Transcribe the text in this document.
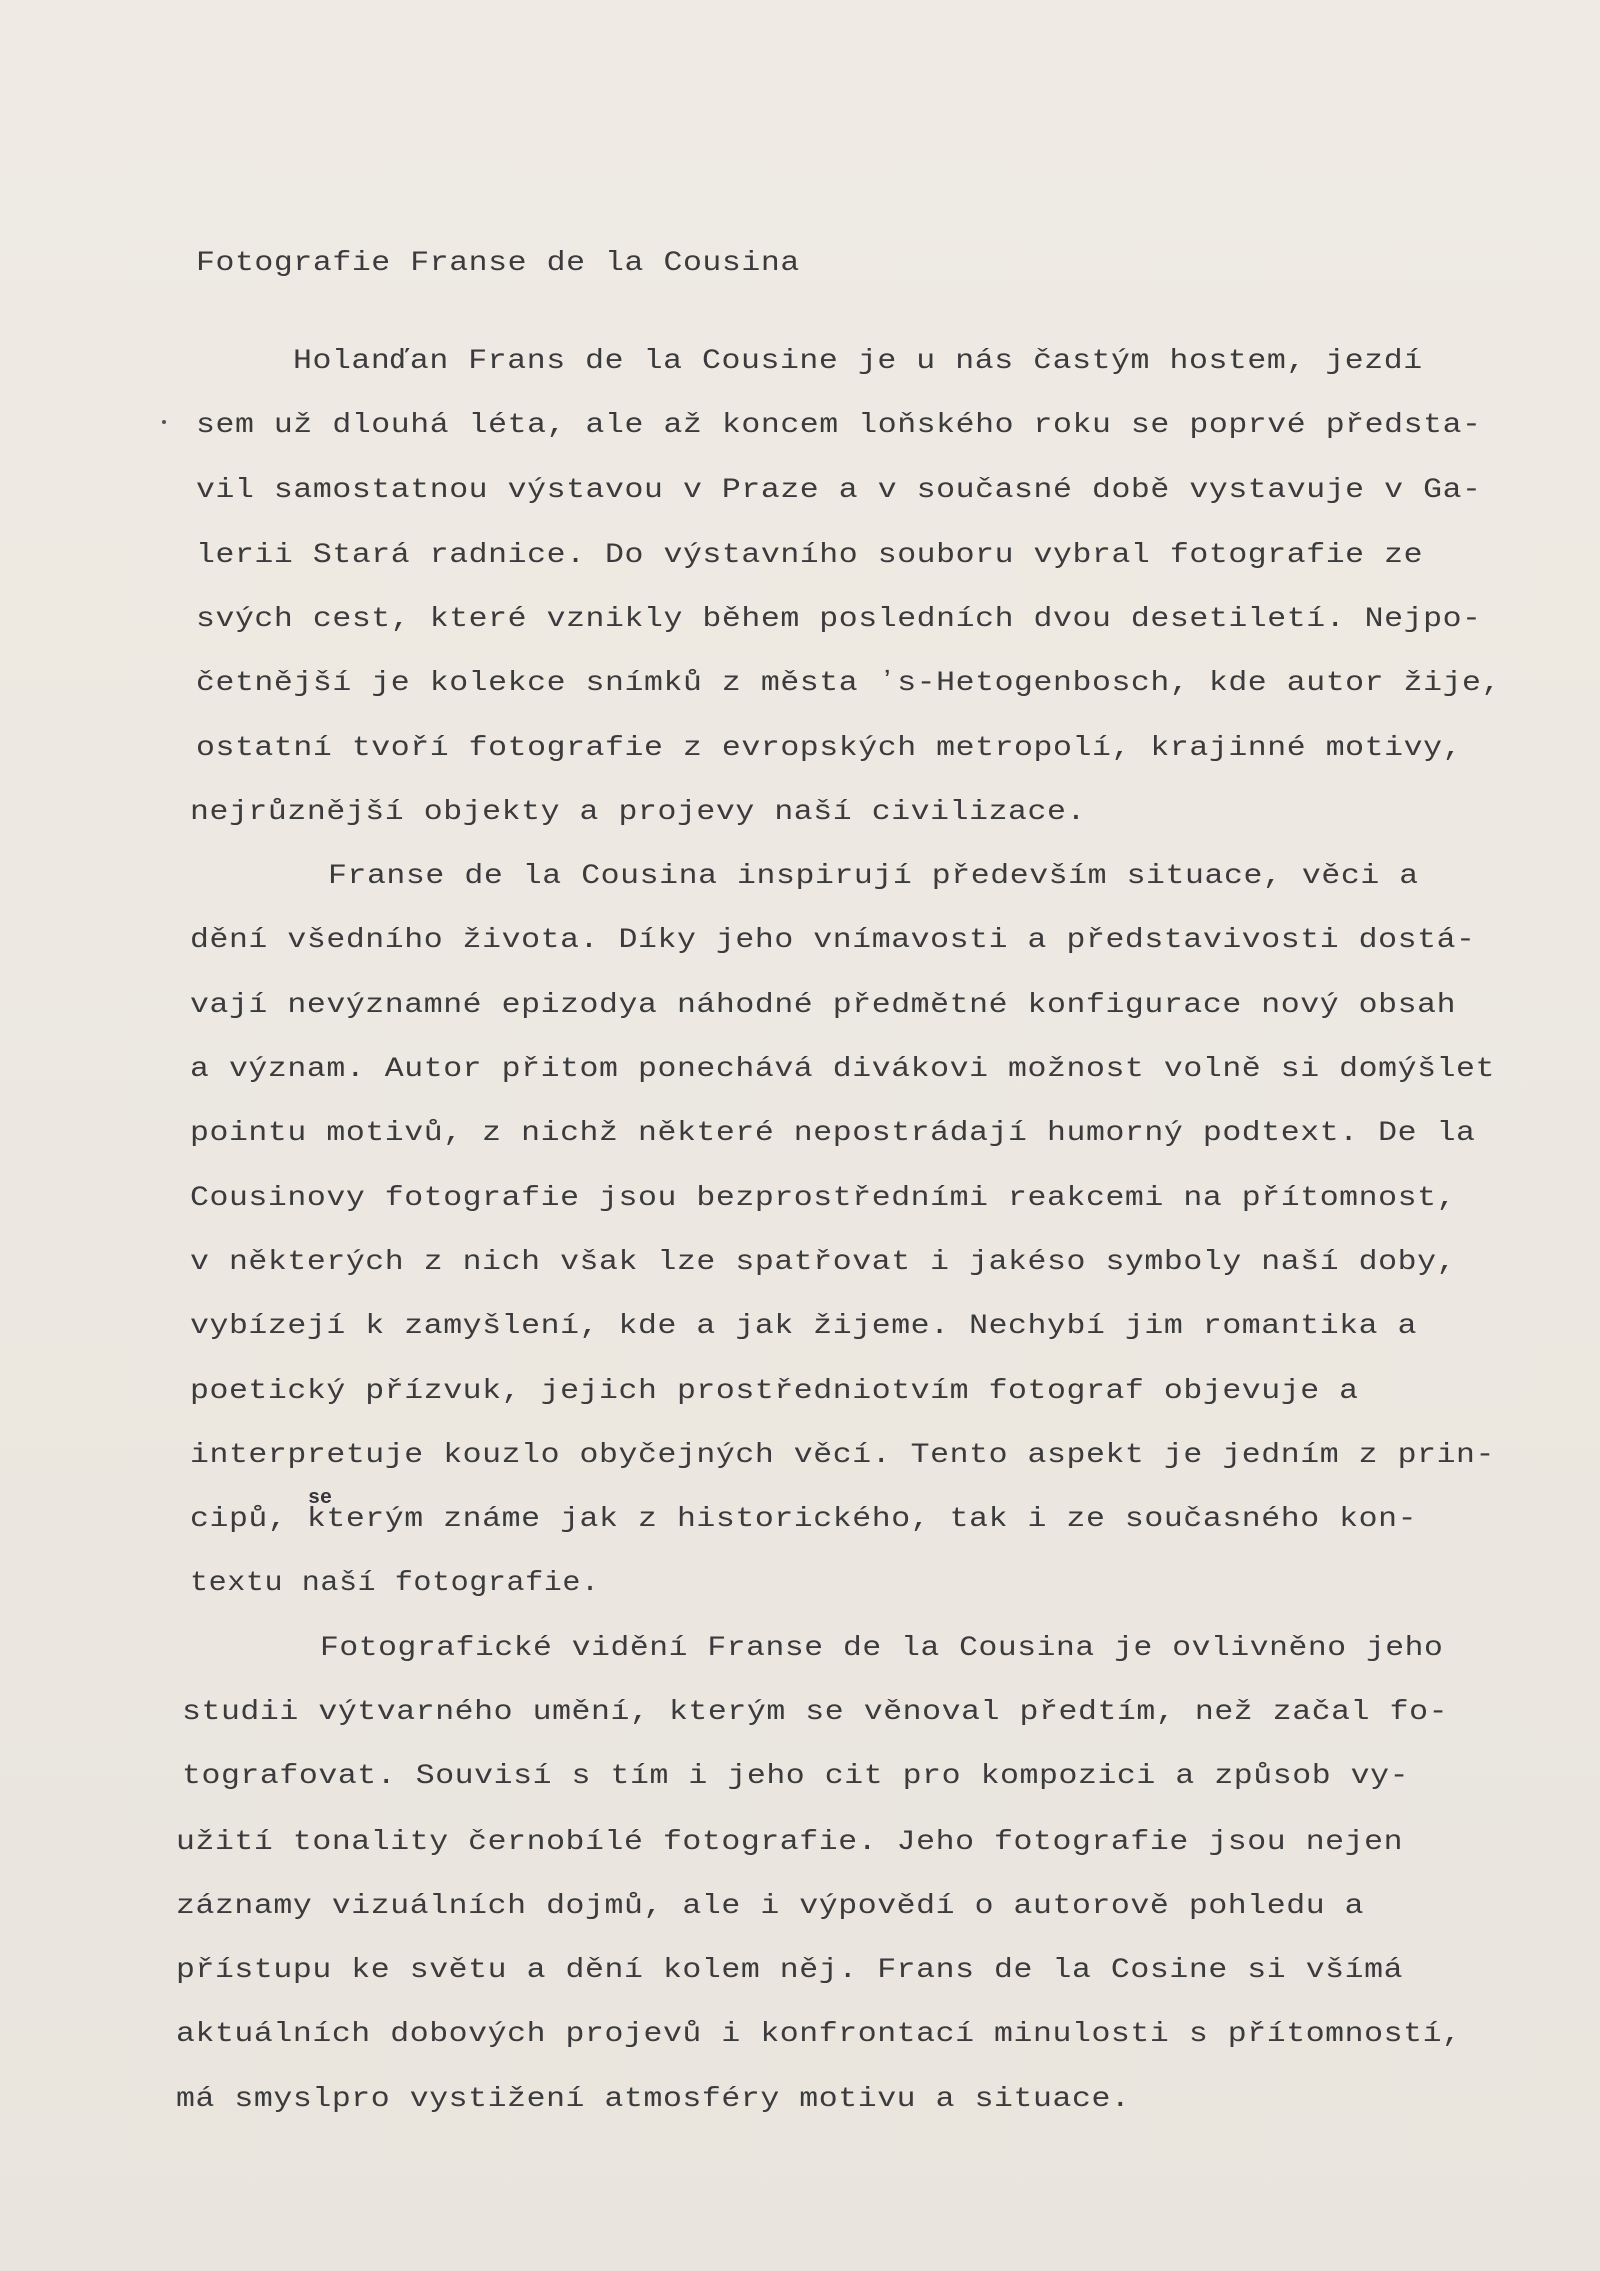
Fotografie Franse de la Cousina
Holanďan Frans de la Cousine je u nás častým hostem, jezdí
sem už dlouhá léta, ale až koncem loňského roku se poprvé předsta-
vil samostatnou výstavou v Praze a v současné době vystavuje v Ga-
lerii Stará radnice. Do výstavního souboru vybral fotografie ze
svých cest, které vznikly během posledních dvou desetiletí. Nejpo-
četnější je kolekce snímků z města ʼs-Hetogenbosch, kde autor žije,
ostatní tvoří fotografie z evropských metropolí, krajinné motivy,
nejrůznější objekty a projevy naší civilizace.
Franse de la Cousina inspirují především situace, věci a
dění všedního života. Díky jeho vnímavosti a představivosti dostá-
vají nevýznamné epizodya náhodné předmětné konfigurace nový obsah
a význam. Autor přitom ponechává divákovi možnost volně si domýšlet
pointu motivů, z nichž některé nepostrádají humorný podtext. De la
Cousinovy fotografie jsou bezprostředními reakcemi na přítomnost,
v některých z nich však lze spatřovat i jakéso symboly naší doby,
vybízejí k zamyšlení, kde a jak žijeme. Nechybí jim romantika a
poetický přízvuk, jejich prostředniotvím fotograf objevuje a
interpretuje kouzlo obyčejných věcí. Tento aspekt je jedním z prin-
cipů, kterým známe jak z historického, tak i ze současného kon-
textu naší fotografie.
Fotografické vidění Franse de la Cousina je ovlivněno jeho
studii výtvarného umění, kterým se věnoval předtím, než začal fo-
tografovat. Souvisí s tím i jeho cit pro kompozici a způsob vy-
užití tonality černobílé fotografie. Jeho fotografie jsou nejen
záznamy vizuálních dojmů, ale i výpovědí o autorově pohledu a
přístupu ke světu a dění kolem něj. Frans de la Cosine si všímá
aktuálních dobových projevů i konfrontací minulosti s přítomností,
má smyslpro vystižení atmosféry motivu a situace.
se
